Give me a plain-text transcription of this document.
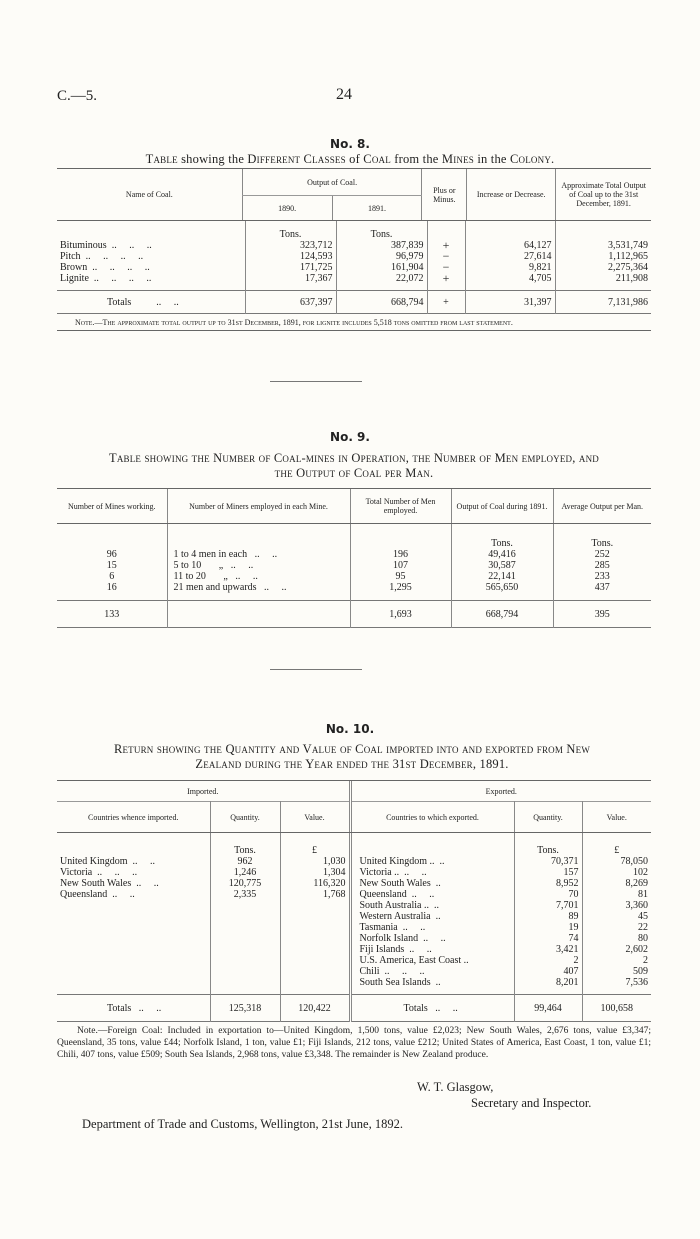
C.—5.	24
No. 8.
Table showing the Different Classes of Coal from the Mines in the Colony.
Name of Coal.	Output of Coal.		Plus or Minus.	Increase or Decrease.	Approximate Total Output of Coal up to the 31st December, 1891.
	1890.	1891.			
	Tons.	Tons.			
Bituminous ..     ..     ..	323,712	387,839	+	64,127	3,531,749
Pitch ..     ..     ..     ..	124,593	96,979	−	27,614	1,112,965
Brown ..     ..     ..     ..	171,725	161,904	−	9,821	2,275,364
Lignite ..     ..     ..     ..	17,367	22,072	+	4,705	211,908

Totals ..     ..	637,397	668,794	+	31,397	7,131,986
Note.—The approximate total output up to 31st December, 1891, for lignite includes 5,518 tons omitted from last statement.
No. 9.
Table showing the Number of Coal-mines in Operation, the Number of Men employed, and
the Output of Coal per Man.
Number of Mines working.	Number of Miners employed in each Mine.	Total Number of Men employed.	Output of Coal during 1891.	Average Output per Man.
			Tons.	Tons.
96	1 to 4 men in each ..     ..	196	49,416	252
15	5 to 10       „ ..     ..	107	30,587	285
6	11 to 20       „ ..     ..	95	22,141	233
16	21 men and upwards ..     ..	1,295	565,650	437

133		1,693	668,794	395
No. 10.
Return showing the Quantity and Value of Coal imported into and exported from New
Zealand during the Year ended the 31st December, 1891.
Imported.			Exported.		
Countries whence imported.	Quantity.	Value.	Countries to which exported.	Quantity.	Value.
	Tons.	£		Tons.	£
United Kingdom ..     ..	962	1,030	United Kingdom .. ..	70,371	78,050
Victoria ..     ..     ..	1,246	1,304	Victoria .. ..     ..	157	102
New South Wales ..     ..	120,775	116,320	New South Wales ..	8,952	8,269
Queensland ..     ..	2,335	1,768	Queensland ..     ..	70	81
			South Australia .. ..	7,701	3,360
			Western Australia ..	89	45
			Tasmania ..     ..	19	22
			Norfolk Island ..     ..	74	80
			Fiji Islands ..     ..	3,421	2,602
			U.S. America, East Coast ..	2	2
			Chili ..     ..     ..	407	509
			South Sea Islands ..	8,201	7,536

Totals ..     ..	125,318	120,422	Totals ..     ..	99,464	100,658
Note.—Foreign Coal: Included in exportation to—United Kingdom, 1,500 tons, value £2,023; New South Wales, 2,676 tons, value £3,347; Queensland, 35 tons, value £44; Norfolk Island, 1 ton, value £1; Fiji Islands, 212 tons, value £212; United States of America, East Coast, 1 ton, value £1; Chili, 407 tons, value £509; South Sea Islands, 2,968 tons, value £3,348. The remainder is New Zealand produce.
W. T. Glasgow,
Secretary and Inspector.
Department of Trade and Customs, Wellington, 21st June, 1892.
